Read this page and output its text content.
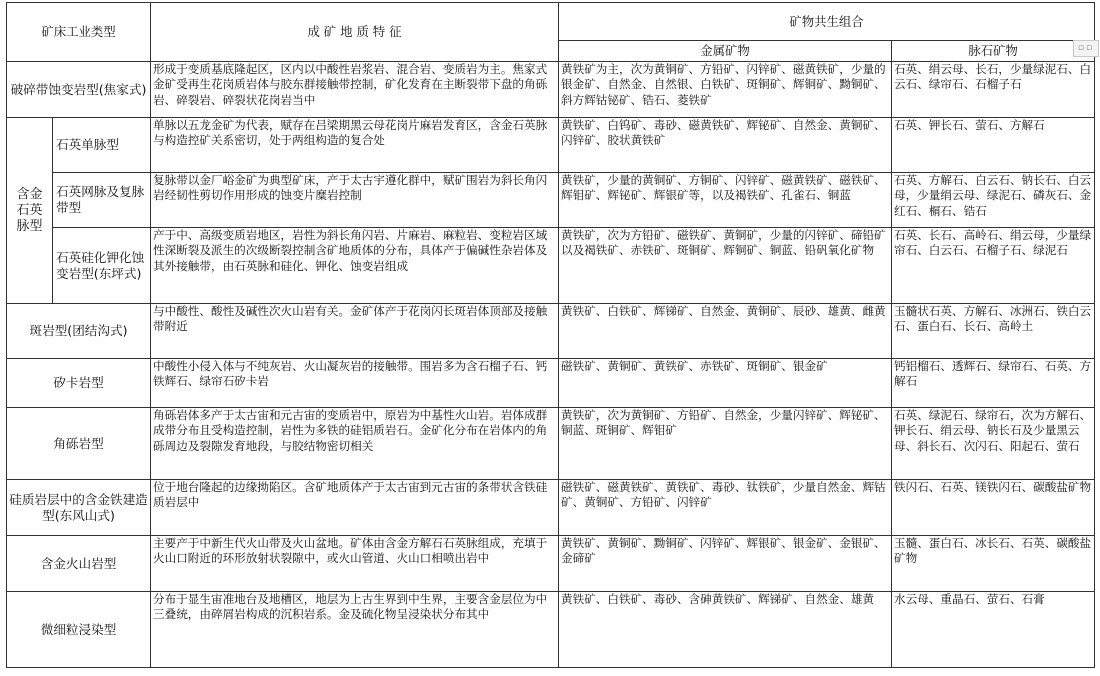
矿床工业类型		成 矿 地 质 特 征	矿物共生组合	
			金属矿物	脉石矿物
破碎带蚀变岩型(焦家式)		形成于变质基底隆起区，区内以中酸性岩浆岩、混合岩、变质岩为主。焦家式金矿受再生花岗质岩体与胶东群接触带控制，矿化发育在主断裂带下盘的角砾岩、碎裂岩、碎裂状花岗岩当中	黄铁矿为主，次为黄铜矿、方铅矿、闪锌矿、磁黄铁矿，少量的银金矿、自然金、自然银、白铁矿、斑铜矿、辉铜矿、黝铜矿、斜方辉钴铋矿、锆石、菱铁矿	石英、绢云母、长石，少量绿泥石、白云石、绿帘石、石榴子石
含金石英脉型	石英单脉型	单脉以五龙金矿为代表，赋存在吕梁期黑云母花岗片麻岩发育区，含金石英脉与构造控矿关系密切，处于两组构造的复合处	黄铁矿、白钨矿、毒砂、磁黄铁矿、辉铋矿、自然金、黄铜矿、闪锌矿、胶状黄铁矿	石英、钾长石、萤石、方解石
	石英网脉及复脉带型	复脉带以金厂峪金矿为典型矿床，产于太古宇遵化群中，赋矿围岩为斜长角闪岩经韧性剪切作用形成的蚀变片糜岩控制	黄铁矿，少量的黄铜矿、方铜矿、闪锌矿、磁黄铁矿、磁铁矿、辉钼矿、辉铋矿、辉银矿等，以及褐铁矿、孔雀石、铜蓝	石英、方解石、白云石、钠长石、白云母，少量绢云母、绿泥石、磷灰石、金红石、榍石、锆石
	石英硅化钾化蚀变岩型(东坪式)	产于中、高级变质岩地区，岩性为斜长角闪岩、片麻岩、麻粒岩、变粒岩区域性深断裂及派生的次级断裂控制含矿地质体的分布，具体产于偏碱性杂岩体及其外接触带，由石英脉和硅化、钾化、蚀变岩组成	黄铁矿，次为方铅矿、磁铁矿、黄铜矿，少量的闪锌矿、碲铅矿以及褐铁矿、赤铁矿、斑铜矿、辉铜矿、铜蓝、铅矾氧化矿物	石英、长石、高岭石、绢云母，少量绿帘石、白云石、石榴子石、绿泥石
斑岩型(团结沟式)		与中酸性、酸性及碱性次火山岩有关。金矿体产于花岗闪长斑岩体顶部及接触带附近	黄铁矿、白铁矿、辉锑矿、自然金、黄铜矿、辰砂、雄黄、雌黄	玉髓状石英、方解石、冰洲石、铁白云石、蛋白石、长石、高岭土
矽卡岩型		中酸性小侵入体与不纯灰岩、火山凝灰岩的接触带。围岩多为含石榴子石、钙铁辉石、绿帘石矽卡岩	磁铁矿、黄铜矿、黄铁矿、赤铁矿、斑铜矿、银金矿	钙铝榴石、透辉石、绿帘石、石英、方解石
角砾岩型		角砾岩体多产于太古宙和元古宙的变质岩中，原岩为中基性火山岩。岩体成群成带分布且受构造控制，岩性为多铁的硅铝质岩石。金矿化分布在岩体内的角砾周边及裂隙发育地段，与胶结物密切相关	黄铁矿，次为黄铜矿、方铅矿、自然金，少量闪锌矿、辉铋矿、铜蓝、斑铜矿、辉钼矿	石英、绿泥石、绿帘石，次为方解石、钾长石、绢云母、钠长石及少量黑云母、斜长石、次闪石、阳起石、萤石
硅质岩层中的含金铁建造型(东风山式)		位于地台隆起的边缘拗陷区。含矿地质体产于太古宙到元古宙的条带状含铁硅质岩层中	磁铁矿、磁黄铁矿、黄铁矿、毒砂、钛铁矿，少量自然金、辉钴矿、黄铜矿、方铅矿、闪锌矿	铁闪石、石英、镁铁闪石、碳酸盐矿物
含金火山岩型		主要产于中新生代火山带及火山盆地。矿体由含金方解石石英脉组成，充填于火山口附近的环形放射状裂隙中，或火山管道、火山口相喷出岩中	黄铁矿、黄铜矿、黝铜矿、闪锌矿、辉银矿、银金矿、金银矿、金碲矿	玉髓、蛋白石、冰长石、石英、碳酸盐矿物
微细粒浸染型		分布于显生宙准地台及地槽区，地层为上古生界到中生界，主要含金层位为中三叠统，由碎屑岩构成的沉积岩系。金及硫化物呈浸染状分布其中	黄铁矿、白铁矿、毒砂、含砷黄铁矿、辉锑矿、自然金、雄黄	水云母、重晶石、萤石、石膏
▫▫
